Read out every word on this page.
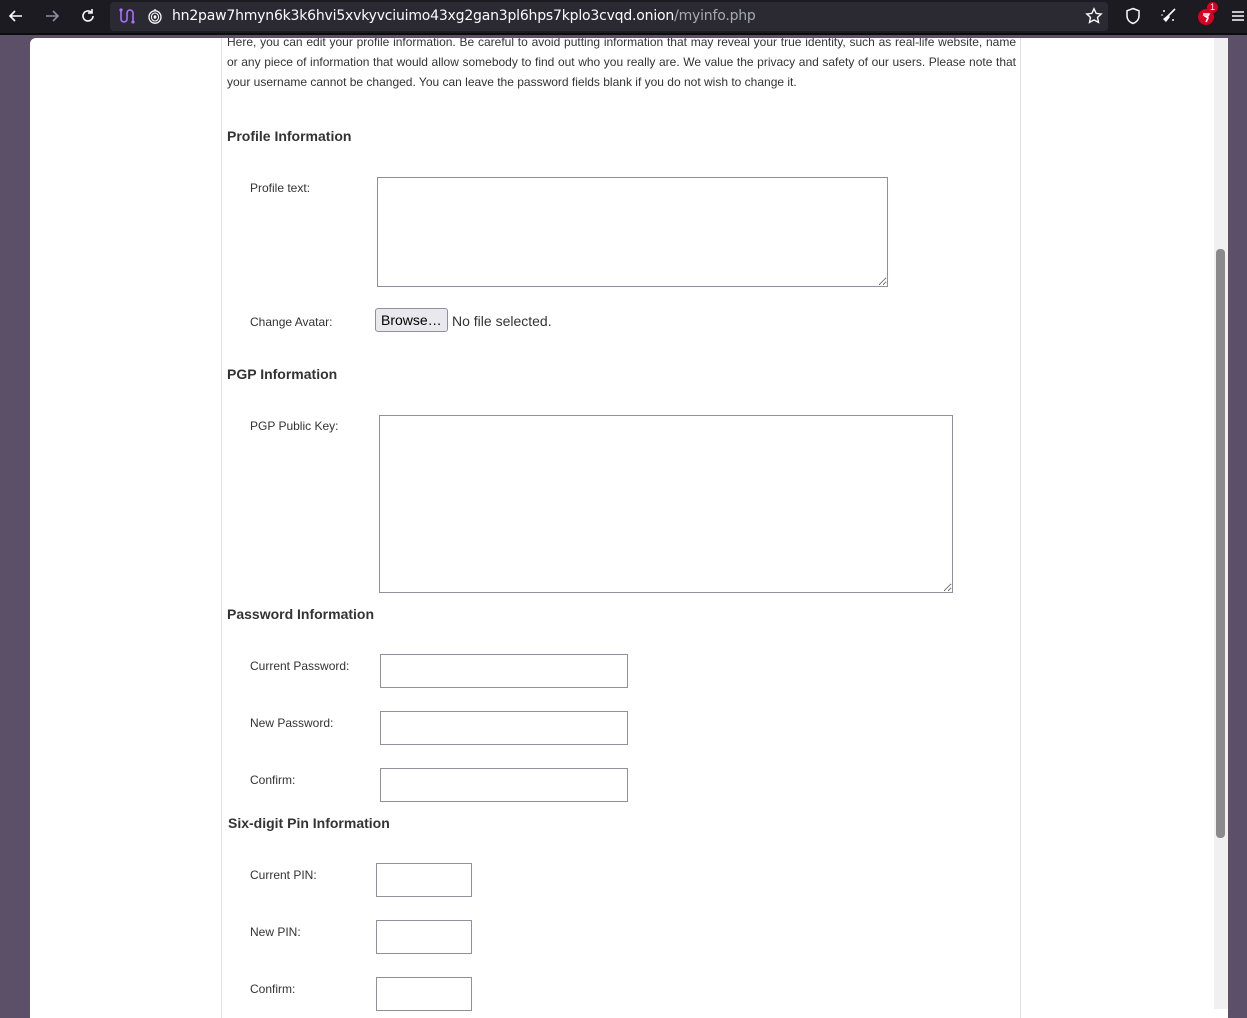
hn2paw7hmyn6k3k6hvi5xvkyvciuimo43xg2gan3pl6hps7kplo3cvqd.onion/myinfo.php
1
Here, you can edit your profile information. Be careful to avoid putting information that may reveal your true identity, such as real-life website, name or any piece of information that would allow somebody to find out who you really are. We value the privacy and safety of our users. Please note that your username cannot be changed. You can leave the password fields blank if you do not wish to change it.
Profile Information
Profile text:
Change Avatar:	Browse… No file selected.
PGP Information
PGP Public Key:
Password Information
Current Password:
New Password:
Confirm:
Six-digit Pin Information
Current PIN:
New PIN:
Confirm:
